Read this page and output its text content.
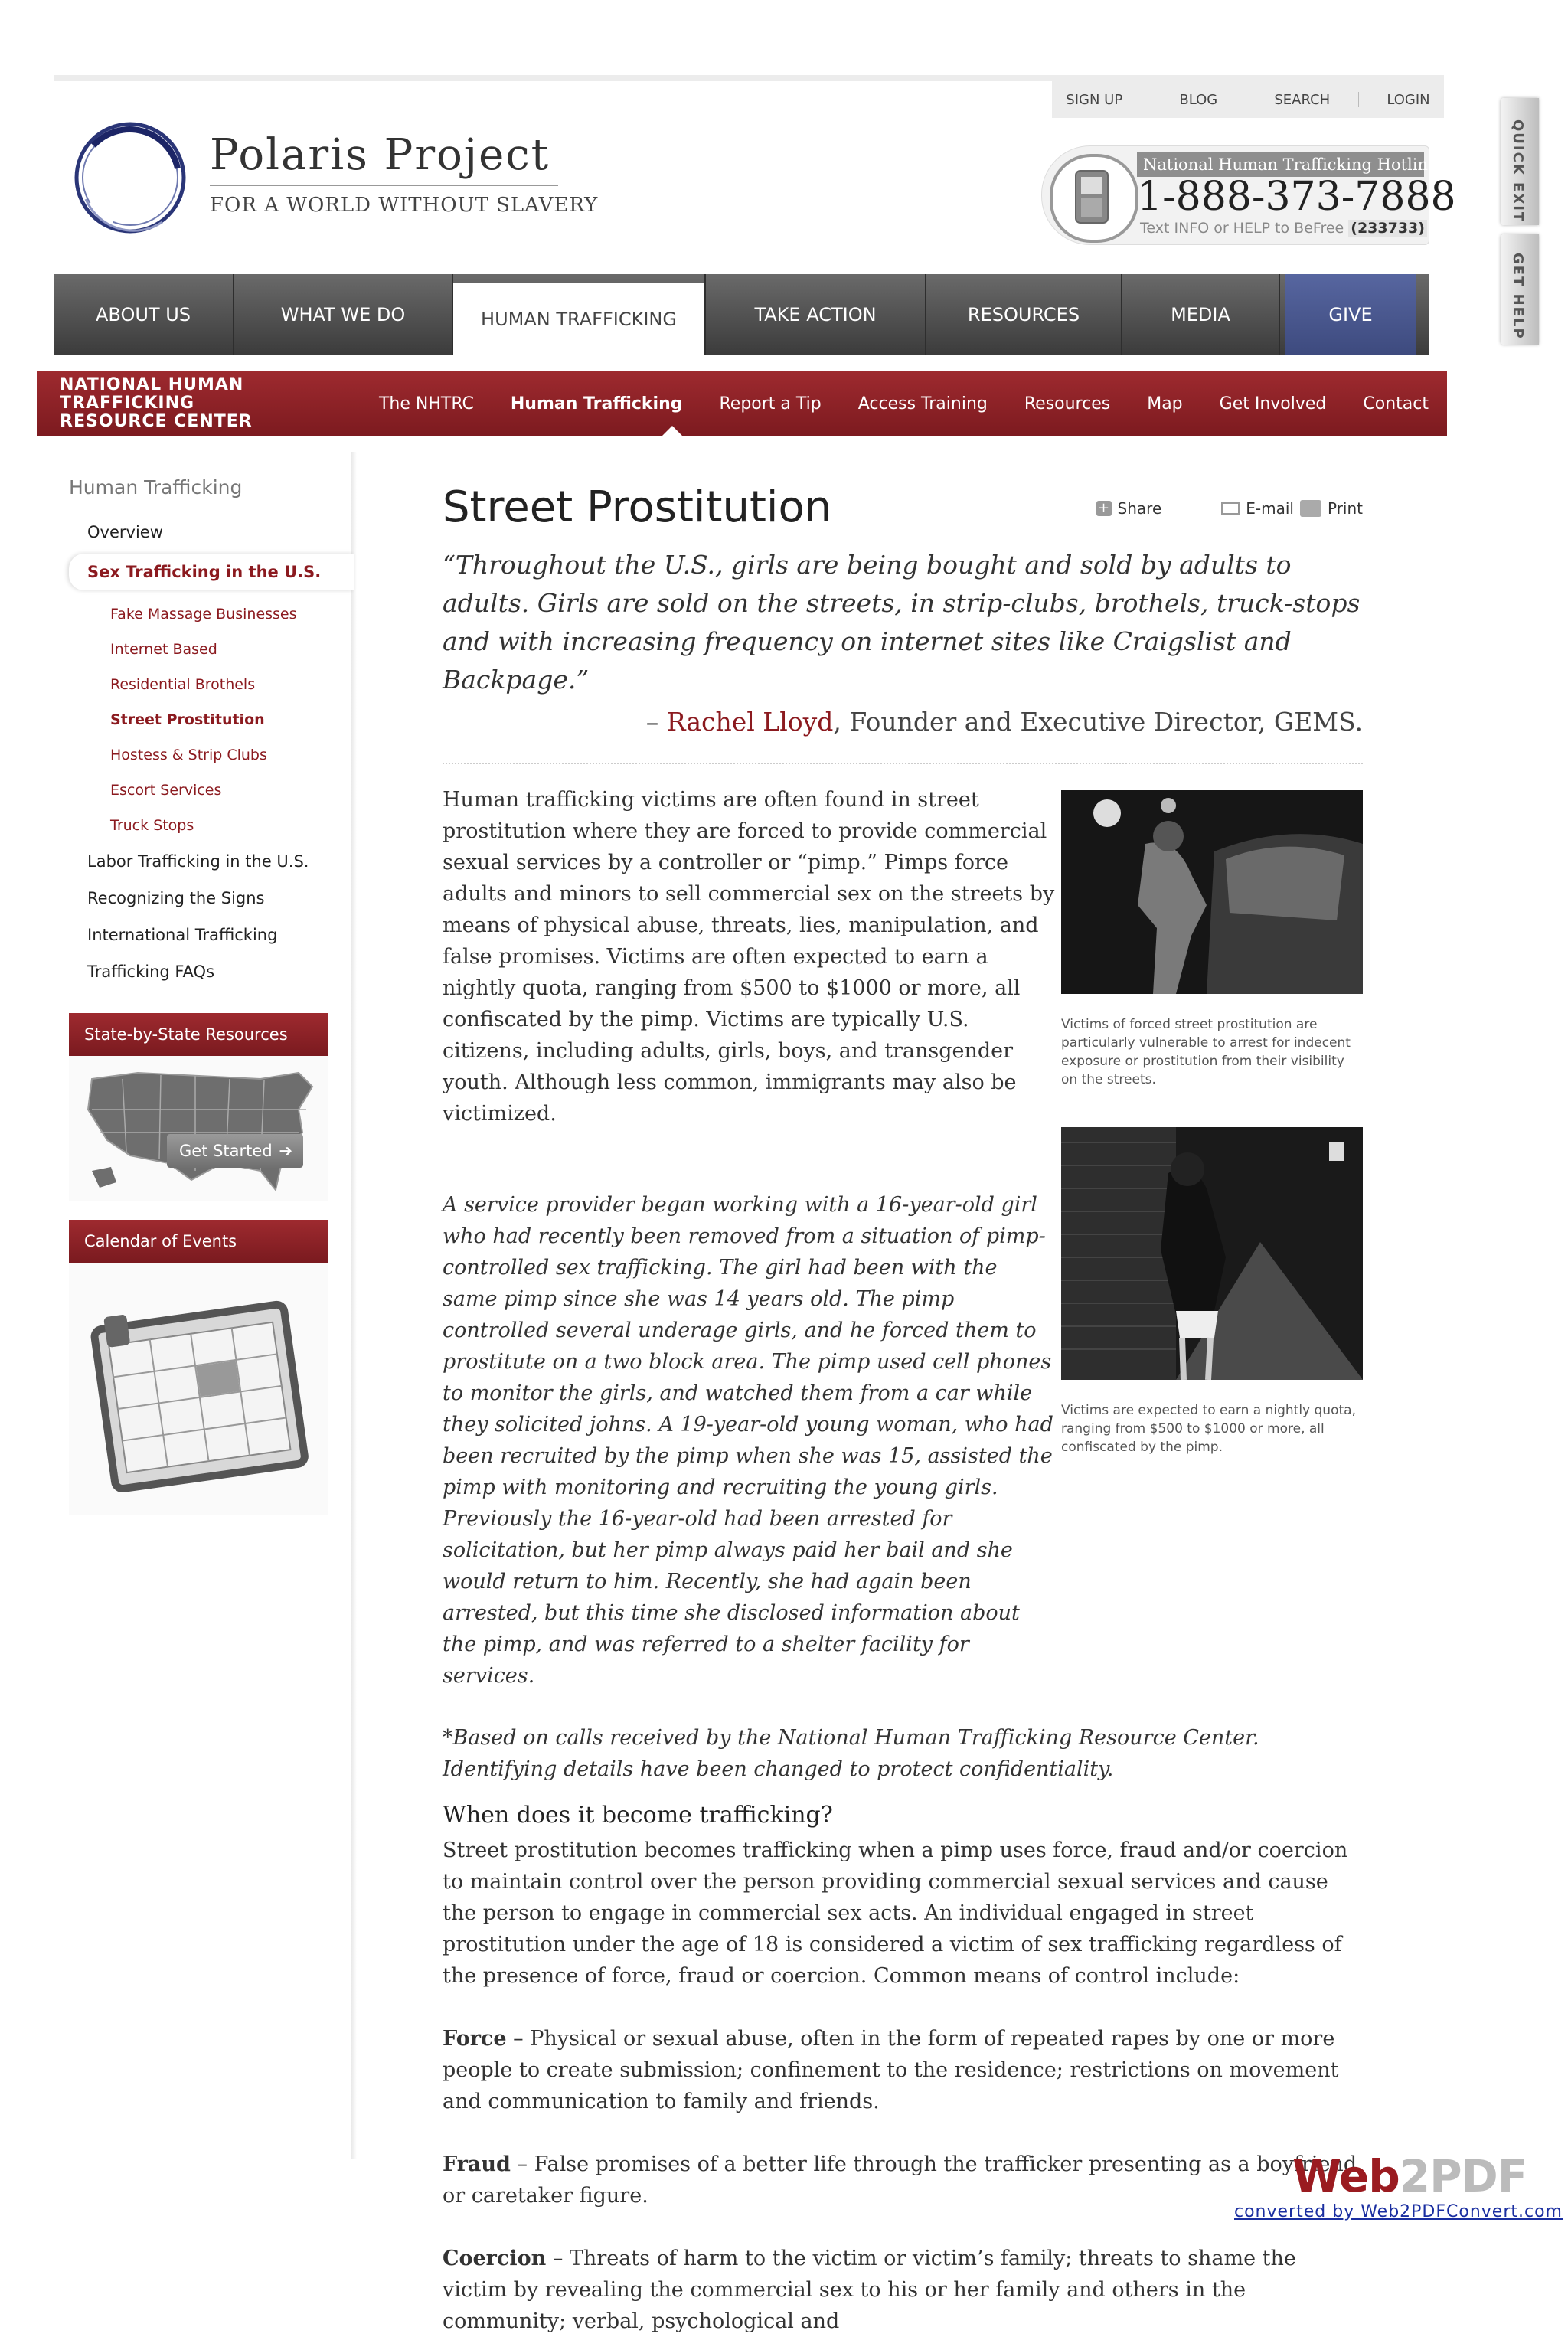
SIGN UP	BLOG	SEARCH	LOGIN
Polaris Project
FOR A WORLD WITHOUT SLAVERY
National Human Trafficking Hotline
1-888-373-7888
Text INFO or HELP to BeFree (233733)
ABOUT US	WHAT WE DO	HUMAN TRAFFICKING	TAKE ACTION	RESOURCES	MEDIA	GIVE
NATIONAL HUMAN TRAFFICKING
RESOURCE CENTER
The NHTRC	Human Trafficking	Report a Tip	Access Training	Resources	Map	Get Involved	Contact
Human Trafficking
Overview
Sex Trafficking in the U.S.
Fake Massage Businesses
Internet Based
Residential Brothels
Street Prostitution
Hostess & Strip Clubs
Escort Services
Truck Stops
Labor Trafficking in the U.S.
Recognizing the Signs
International Trafficking
Trafficking FAQs
State-by-State Resources
Get Started ➔
Calendar of Events
Street Prostitution	+ Share	E-mail Print
“Throughout the U.S., girls are being bought and sold by adults to adults. Girls are sold on the streets, in strip-clubs, brothels, truck-stops and with increasing frequency on internet sites like Craigslist and Backpage.”
– Rachel Lloyd, Founder and Executive Director, GEMS.
Human trafficking victims are often found in street prostitution where they are forced to provide commercial sexual services by a controller or “pimp.” Pimps force adults and minors to sell commercial sex on the streets by means of physical abuse, threats, lies, manipulation, and false promises. Victims are often expected to earn a nightly quota, ranging from $500 to $1000 or more, all confiscated by the pimp. Victims are typically U.S. citizens, including adults, girls, boys, and transgender youth. Although less common, immigrants may also be victimized.
Victims of forced street prostitution are particularly vulnerable to arrest for indecent exposure or prostitution from their visibility on the streets.
A service provider began working with a 16-year-old girl who had recently been removed from a situation of pimp-controlled sex trafficking. The girl had been with the same pimp since she was 14 years old. The pimp controlled several underage girls, and he forced them to prostitute on a two block area. The pimp used cell phones to monitor the girls, and watched them from a car while they solicited johns. A 19-year-old young woman, who had been recruited by the pimp when she was 15, assisted the pimp with monitoring and recruiting the young girls. Previously the 16-year-old had been arrested for solicitation, but her pimp always paid her bail and she would return to him. Recently, she had again been arrested, but this time she disclosed information about the pimp, and was referred to a shelter facility for services.
Victims are expected to earn a nightly quota, ranging from $500 to $1000 or more, all confiscated by the pimp.
*Based on calls received by the National Human Trafficking Resource Center. Identifying details have been changed to protect confidentiality.
When does it become trafficking?
Street prostitution becomes trafficking when a pimp uses force, fraud and/or coercion to maintain control over the person providing commercial sexual services and cause the person to engage in commercial sex acts. An individual engaged in street prostitution under the age of 18 is considered a victim of sex trafficking regardless of the presence of force, fraud or coercion. Common means of control include:
Force – Physical or sexual abuse, often in the form of repeated rapes by one or more people to create submission; confinement to the residence; restrictions on movement and communication to family and friends.
Fraud – False promises of a better life through the trafficker presenting as a boyfriend or caretaker figure.
Coercion – Threats of harm to the victim or victim’s family; threats to shame the victim by revealing the commercial sex to his or her family and others in the community; verbal, psychological and
QUICK EXIT
GET HELP
Web2PDF
converted by Web2PDFConvert.com
